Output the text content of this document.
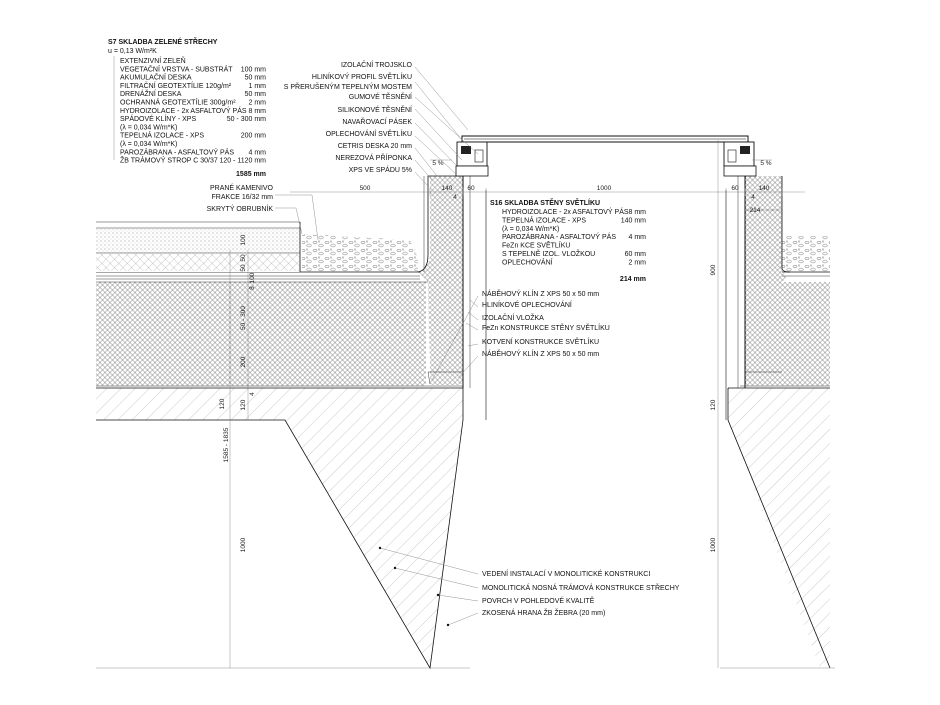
S7 SKLADBA ZELENÉ STŘECHY
u = 0,13 W/m²K
1585 mm
EXTENZIVNÍ ZELEŇ
VEGETAČNÍ VRSTVA - SUBSTRÁT 100 mm
AKUMULAČNÍ DESKA	50 mm
FILTRAČNÍ GEOTEXTÍLIE 120g/m² 1 mm
DRENÁŽNÍ DESKA	50 mm
OCHRANNÁ GEOTEXTÍLIE 300g/m² 2 mm
HYDROIZOLACE - 2x ASFALTOVÝ PÁS 8 mm
SPÁDOVÉ KLÍNY - XPS	50 - 300 mm
(λ = 0,034 W/m*K)
TEPELNÁ IZOLACE - XPS	200 mm
(λ = 0,034 W/m*K)
PAROZÁBRANA - ASFALTOVÝ PÁS 4 mm
ŽB TRÁMOVÝ STROP C 30/37 120 - 1120 mm
S16 SKLADBA STĚNY SVĚTLÍKU
214 mm
HYDROIZOLACE - 2x ASFALTOVÝ PÁS 8 mm
TEPELNÁ IZOLACE - XPS	140 mm
(λ = 0,034 W/m*K)
PAROZÁBRANA - ASFALTOVÝ PÁS 4 mm
FeZn KCE SVĚTLÍKU
S TEPELNĚ IZOL. VLOŽKOU	60 mm
OPLECHOVÁNÍ	2 mm
IZOLAČNÍ TROJSKLO
HLINÍKOVÝ PROFIL SVĚTLÍKU
S PŘERUŠENÝM TEPELNÝM MOSTEM
GUMOVÉ TĚSNĚNÍ
SILIKONOVÉ TĚSNĚNÍ
NAVAŘOVACÍ PÁSEK
OPLECHOVÁNÍ SVĚTLÍKU
CETRIS DESKA 20 mm
NEREZOVÁ PŘÍPONKA
XPS VE SPÁDU 5%
PRANÉ KAMENIVO
FRAKCE 16/32 mm
SKRYTÝ OBRUBNÍK
NÁBĚHOVÝ KLÍN Z XPS 50 x 50 mm
HLINÍKOVÉ OPLECHOVÁNÍ
IZOLAČNÍ VLOŽKA
FeZn KONSTRUKCE STĚNY SVĚTLÍKU
KOTVENÍ KONSTRUKCE SVĚTLÍKU
NÁBĚHOVÝ KLÍN Z XPS 50 x 50 mm
VEDENÍ INSTALACÍ V MONOLITICKÉ KONSTRUKCI
MONOLITICKÁ NOSNÁ TRÁMOVÁ KONSTRUKCE STŘECHY
POVRCH V POHLEDOVÉ KVALITĚ
ZKOSENÁ HRANA ŽB ŽEBRA (20 mm)
500	140 60
4
1000	60	140
4
214
5 %	5 %
900
120
1000
120
1000
1585 - 1835
50 - 300
200
100
50
50
100
8
4
120
